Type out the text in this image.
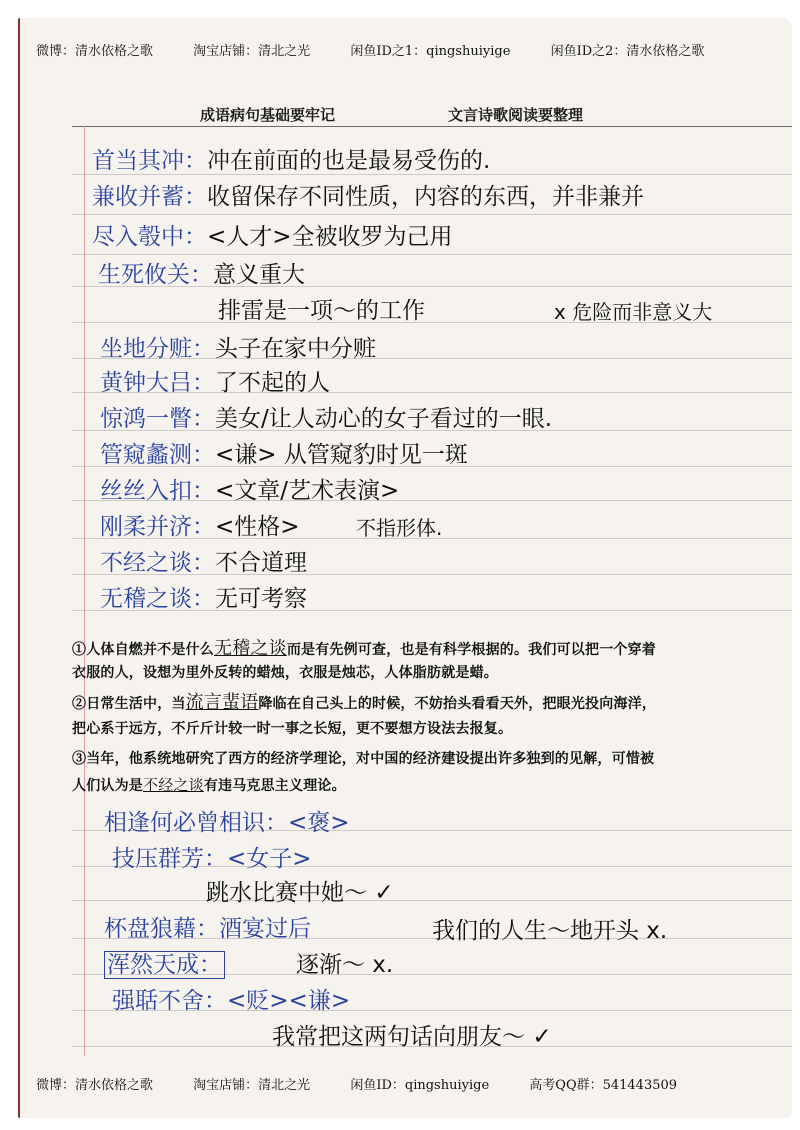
微博：清水依格之歌	淘宝店铺：清北之光	闲鱼ID之1：qingshuiyige	闲鱼ID之2：清水依格之歌
成语病句基础要牢记	文言诗歌阅读要整理
首当其冲：冲在前面的也是最易受伤的.
兼收并蓄：收留保存不同性质，内容的东西，并非兼并
尽入彀中：<人才>全被收罗为己用
生死攸关：意义重大
排雷是一项～的工作	x 危险而非意义大
坐地分赃：头子在家中分赃
黄钟大吕：了不起的人
惊鸿一瞥：美女/让人动心的女子看过的一眼.
管窥蠡测：<谦> 从管窥豹时见一斑
丝丝入扣：<文章/艺术表演>
刚柔并济：<性格>	不指形体.
不经之谈：不合道理
无稽之谈：无可考察
①人体自燃并不是什么无稽之谈而是有先例可查，也是有科学根据的。我们可以把一个穿着
衣服的人，设想为里外反转的蜡烛，衣服是烛芯，人体脂肪就是蜡。
②日常生活中，当流言蜚语降临在自己头上的时候，不妨抬头看看天外，把眼光投向海洋，
把心系于远方，不斤斤计较一时一事之长短，更不要想方设法去报复。
③当年，他系统地研究了西方的经济学理论，对中国的经济建设提出许多独到的见解，可惜被
人们认为是不经之谈有违马克思主义理论。
相逢何必曾相识：<褒>
技压群芳：<女子>
跳水比赛中她～ ✓
杯盘狼藉：酒宴过后	我们的人生～地开头 x.
浑然天成：	逐渐～ x.
强聒不舍：<贬><谦>
我常把这两句话向朋友～ ✓
微博：清水依格之歌	淘宝店铺：清北之光	闲鱼ID：qingshuiyige	高考QQ群：541443509
